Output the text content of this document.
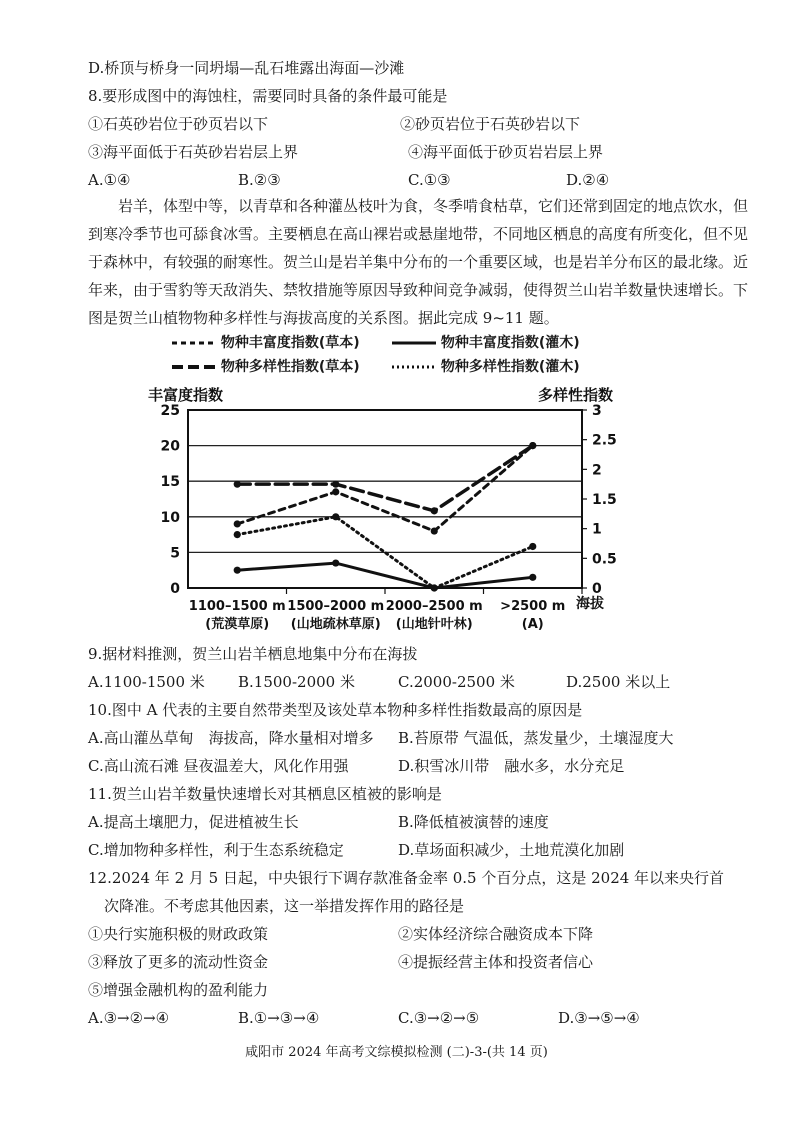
D.桥顶与桥身一同坍塌—乱石堆露出海面—沙滩
8.要形成图中的海蚀柱，需要同时具备的条件最可能是
①石英砂岩位于砂页岩以下	②砂页岩位于石英砂岩以下
③海平面低于石英砂岩岩层上界	④海平面低于砂页岩岩层上界
A.①④	B.②③	C.①③	D.②④

岩羊，体型中等，以青草和各种灌丛枝叶为食，冬季啃食枯草，它们还常到固定的地点饮水，但到寒冷季节也可舔食冰雪。主要栖息在高山裸岩或悬崖地带，不同地区栖息的高度有所变化，但不见于森林中，有较强的耐寒性。贺兰山是岩羊集中分布的一个重要区域，也是岩羊分布区的最北缘。近年来，由于雪豹等天敌消失、禁牧措施等原因导致种间竞争减弱，使得贺兰山岩羊数量快速增长。下图是贺兰山植物物种多样性与海拔高度的关系图。据此完成 9~11 题。

物种丰富度指数(草本)	物种丰富度指数(灌木)
物种多样性指数(草本)	物种多样性指数(灌木)
丰富度指数	多样性指数
0
5
10
15
20
25
0
0.5
1
1.5
2
2.5
3
1100–1500 m
(荒漠草原)
1500–2000 m
(山地疏林草原)
2000–2500 m
(山地针叶林)
>2500 m
(A)
海拔
9.据材料推测，贺兰山岩羊栖息地集中分布在海拔
A.1100-1500 米 B.1500-2000 米	C.2000-2500 米	D.2500 米以上
10.图中 A 代表的主要自然带类型及该处草本物种多样性指数最高的原因是
A.高山灌丛草甸　海拔高，降水量相对增多 B.苔原带 气温低，蒸发量少，土壤湿度大
C.高山流石滩 昼夜温差大，风化作用强	D.积雪冰川带　融水多，水分充足
11.贺兰山岩羊数量快速增长对其栖息区植被的影响是
A.提高土壤肥力，促进植被生长	B.降低植被演替的速度
C.增加物种多样性，利于生态系统稳定	D.草场面积减少，土地荒漠化加剧
12.2024 年 2 月 5 日起，中央银行下调存款准备金率 0.5 个百分点，这是 2024 年以来央行首
次降准。不考虑其他因素，这一举措发挥作用的路径是
①央行实施积极的财政政策	②实体经济综合融资成本下降
③释放了更多的流动性资金	④提振经营主体和投资者信心
⑤增强金融机构的盈利能力
A.③→②→④	B.①→③→④	C.③→②→⑤	D.③→⑤→④
咸阳市 2024 年高考文综模拟检测 (二)-3-(共 14 页)
